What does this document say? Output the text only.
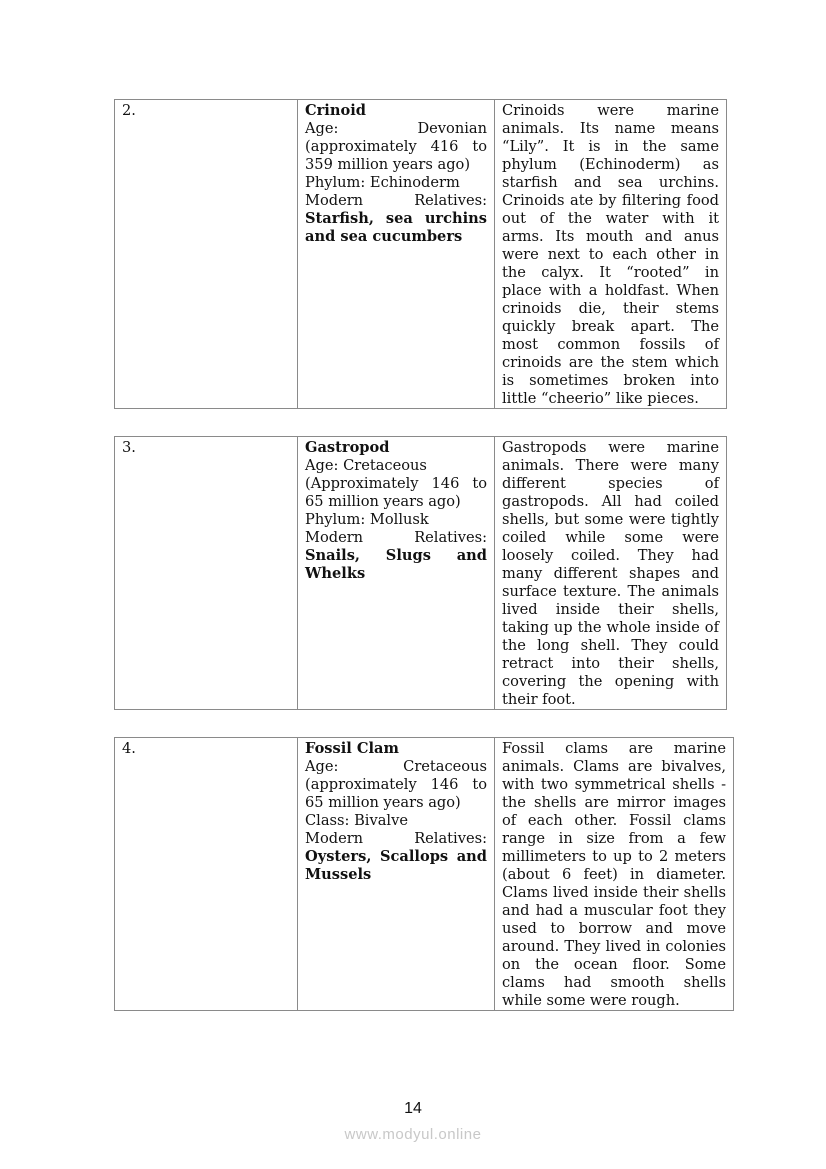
2.	Crinoid
Age:	Devonian
(approximately 416 to 359 million years ago)
Phylum: Echinoderm
Modern	Relatives:
Starfish, sea urchins and sea cucumbers
	Crinoids were marine animals. Its name means “Lily”. It is in the same phylum (Echinoderm) as starfish and sea urchins. Crinoids ate by filtering food out of the water with it arms. Its mouth and anus were next to each other in the calyx. It “rooted” in place with a holdfast. When crinoids die, their stems quickly break apart. The most common fossils of crinoids are the stem which is sometimes broken into little “cheerio” like pieces.
3.	Gastropod
Age: Cretaceous
(Approximately 146 to 65 million years ago)
Phylum: Mollusk
Modern	Relatives:
Snails, Slugs and Whelks
	Gastropods were marine animals. There were many different species of gastropods. All had coiled shells, but some were tightly coiled while some were loosely coiled. They had many different shapes and surface texture. The animals lived inside their shells, taking up the whole inside of the long shell. They could retract into their shells, covering the opening with their foot.
4.	Fossil Clam
Age:	Cretaceous
(approximately 146 to 65 million years ago)
Class: Bivalve
Modern	Relatives:
Oysters, Scallops and Mussels
	Fossil clams are marine animals. Clams are bivalves, with two symmetrical shells - the shells are mirror images of each other. Fossil clams range in size from a few millimeters to up to 2 meters (about 6 feet) in diameter. Clams lived inside their shells and had a muscular foot they used to borrow and move around. They lived in colonies on the ocean floor. Some clams had smooth shells while some were rough.
14
www.modyul.online
